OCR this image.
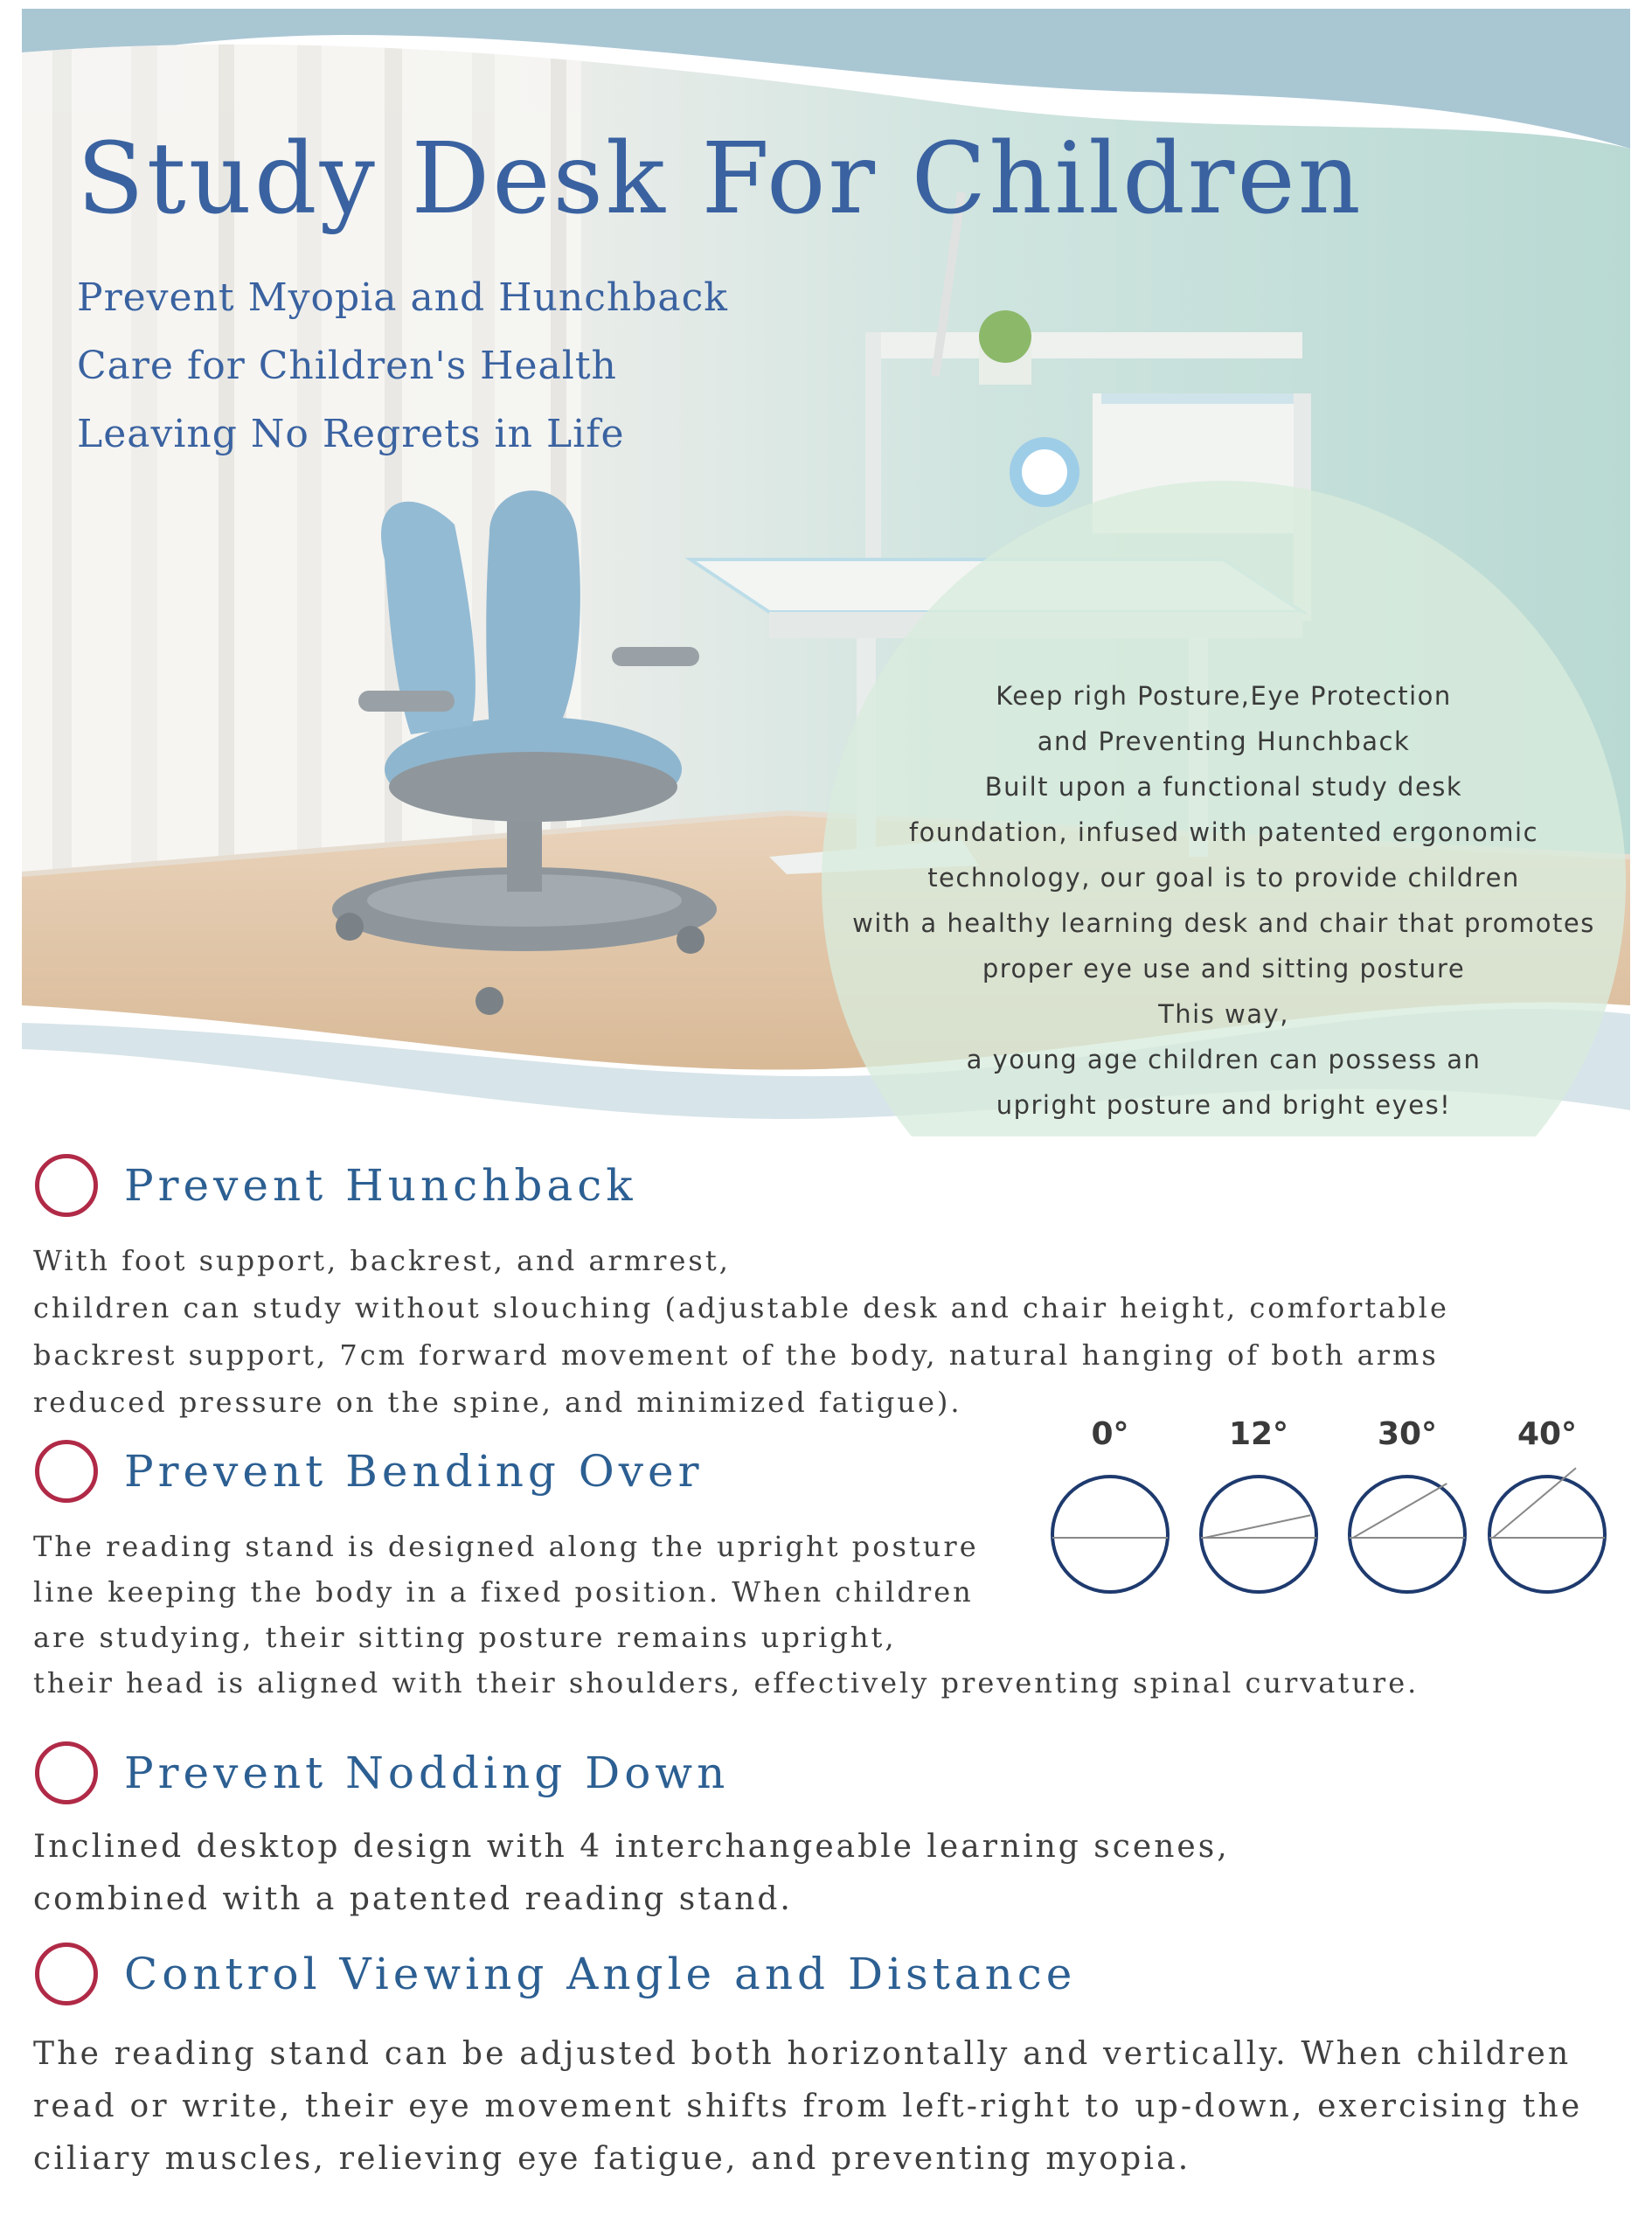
Study Desk For Children
Prevent Myopia and Hunchback
Care for Children's Health
Leaving No Regrets in Life
Keep righ Posture,Eye Protection
and Preventing Hunchback
Built upon a functional study desk
foundation, infused with patented ergonomic
technology, our goal is to provide children
with a healthy learning desk and chair that promotes
proper eye use and sitting posture
This way,
a young age children can possess an
upright posture and bright eyes!
Prevent Hunchback
With foot support, backrest, and armrest,
children can study without slouching (adjustable desk and chair height, comfortable
backrest support, 7cm forward movement of the body, natural hanging of both arms
reduced pressure on the spine, and minimized fatigue).
Prevent Bending Over
The reading stand is designed along the upright posture
line keeping the body in a fixed position. When children
are studying, their sitting posture remains upright,
their head is aligned with their shoulders, effectively preventing spinal curvature.
0°	12°	30°	40°
Prevent Nodding Down
Inclined desktop design with 4 interchangeable learning scenes,
combined with a patented reading stand.
Control Viewing Angle and Distance
The reading stand can be adjusted both horizontally and vertically. When children
read or write, their eye movement shifts from left-right to up-down, exercising the
ciliary muscles, relieving eye fatigue, and preventing myopia.
